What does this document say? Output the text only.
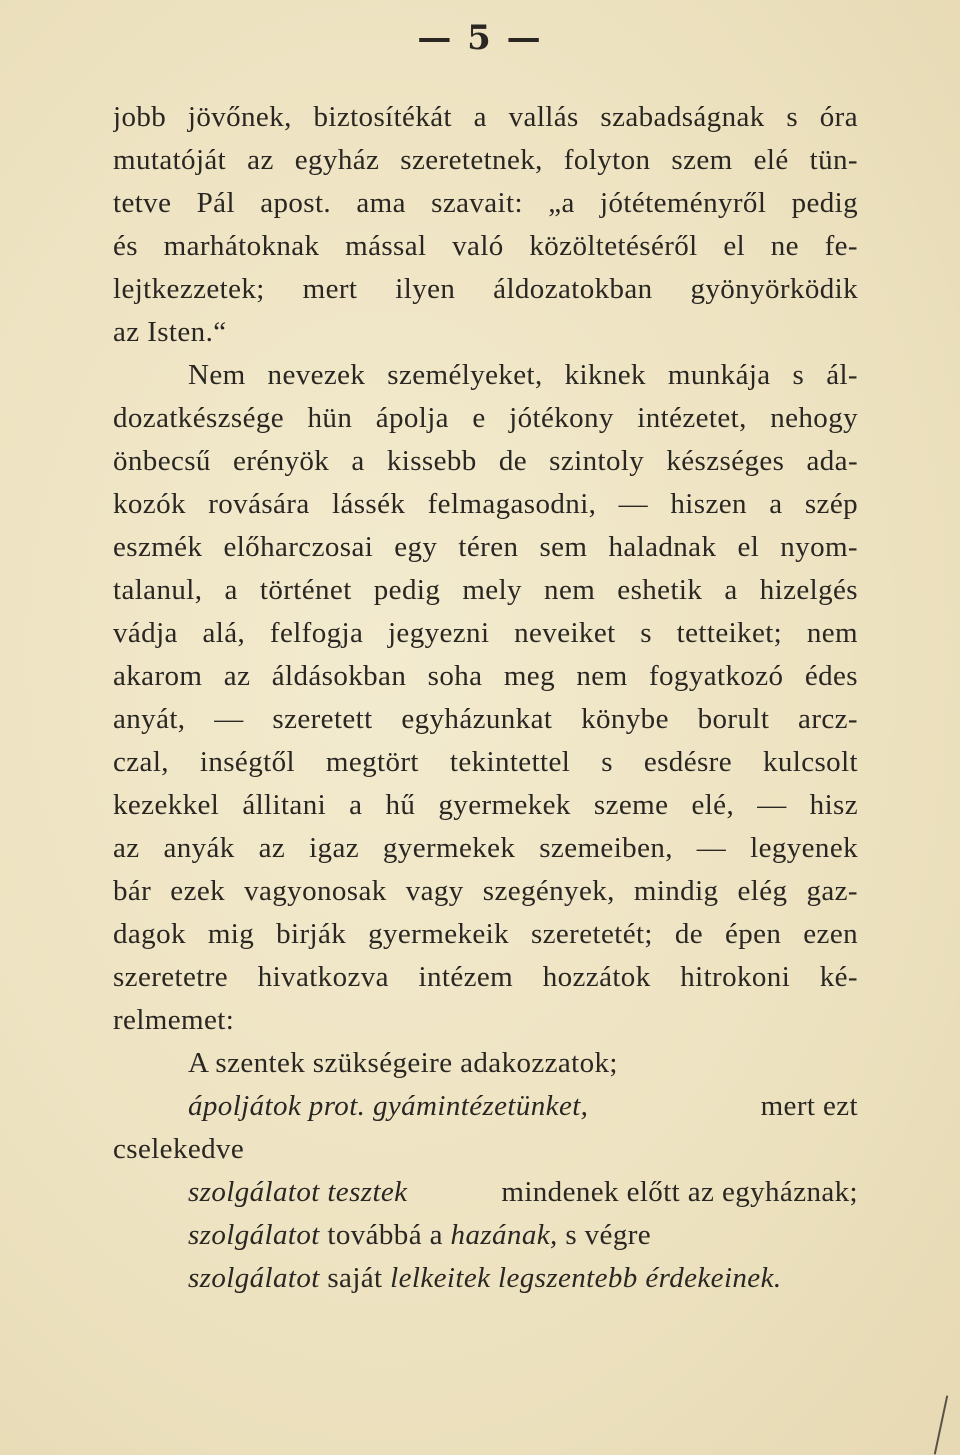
— 5 —
jobb jövőnek, biztosítékát a vallás szabadságnak s óra
mutatóját az egyház szeretetnek, folyton szem elé tün-
tetve Pál apost. ama szavait: „a jótéteményről pedig
és marhátoknak mással való közöltetéséről el ne fe-
lejtkezzetek; mert ilyen áldozatokban gyönyörködik
az Isten.“
Nem nevezek személyeket, kiknek munkája s ál-
dozatkészsége hün ápolja e jótékony intézetet, nehogy
önbecsű erényök a kissebb de szintoly készséges ada-
kozók rovására lássék felmagasodni, — hiszen a szép
eszmék előharczosai egy téren sem haladnak el nyom-
talanul, a történet pedig mely nem eshetik a hizelgés
vádja alá, felfogja jegyezni neveiket s tetteiket; nem
akarom az áldásokban soha meg nem fogyatkozó édes
anyát, — szeretett egyházunkat könybe borult arcz-
czal, inségtől megtört tekintettel s esdésre kulcsolt
kezekkel állitani a hű gyermekek szeme elé, — hisz
az anyák az igaz gyermekek szemeiben, — legyenek
bár ezek vagyonosak vagy szegények, mindig elég gaz-
dagok mig birják gyermekeik szeretetét; de épen ezen
szeretetre hivatkozva intézem hozzátok hitrokoni ké-
relmemet:
A szentek szükségeire adakozzatok;
ápoljátok prot. gyámintézetünket,	mert ezt
cselekedve
szolgálatot tesztek	mindenek előtt az egyháznak;
szolgálatot továbbá a hazának, s végre
szolgálatot saját lelkeitek legszentebb érdekeinek.
